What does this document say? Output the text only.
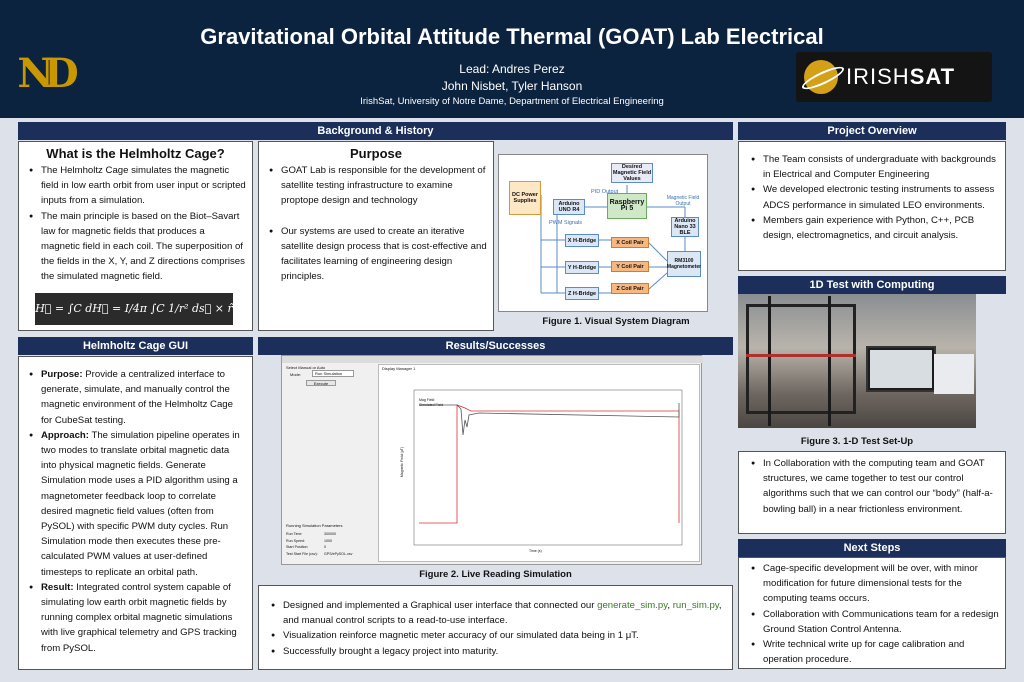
ND
Gravitational Orbital Attitude Thermal (GOAT) Lab Electrical
Lead: Andres Perez
John Nisbet, Tyler Hanson
IrishSat, University of Notre Dame, Department of Electrical Engineering
IRISHSAT
Background & History
What is the Helmholtz Cage?
● The Helmholtz Cage simulates the magnetic field in low earth orbit from user input or scripted inputs from a simulation.
● The main principle is based on the Biot–Savart law for magnetic fields that produces a magnetic field in each coil. The superposition of the fields in the X, Y, and Z directions comprises the simulated magnetic field.
H⃗ = ∫C dH⃗ = I/4π ∫C 1/r² ds⃗ × r̂
Purpose
● GOAT Lab is responsible for the development of satellite testing infrastructure to examine proptope design and technology
● Our systems are used to create an iterative satellite design process that is cost-effective and facilitates learning of engineering design principles.
DC Power Supplies
Desired Magnetic Field Values
Raspberry Pi 5
Arduino UNO R4
Arduino Nano 33 BLE
PID Output
PWM Signals
Magnetic Field Output
X H-Bridge
Y H-Bridge
Z H-Bridge
X Coil Pair
Y Coil Pair
Z Coil Pair
RM3100 Magnetometer
Figure 1. Visual System Diagram
Project Overview
● The Team consists of undergraduate with backgrounds in Electrical and Computer Engineering
● We developed electronic testing instruments to assess ADCS performance in simulated LEO environments.
● Members gain experience with Python, C++, PCB design, electromagnetics, and circuit analysis.
1D Test with Computing
Figure 3. 1-D Test Set-Up
● In Collaboration with the computing team and GOAT structures, we came together to test our control algorithms such that we can control our “body” (half-a-bowling ball) in a near frictionless environment.
Next Steps
● Cage-specific development will be over, with minor modification for future dimensional tests for the computing teams occurs.
● Collaboration with Communications team for a redesign Ground Station Control Antenna.
● Write technical write up for cage calibration and operation procedure.
Helmholtz Cage GUI
● Purpose: Provide a centralized interface to generate, simulate, and manually control the magnetic environment of the Helmholtz Cage for CubeSat testing.
● Approach: The simulation pipeline operates in two modes to translate orbital magnetic data into physical magnetic fields. Generate Simulation mode uses a PID algorithm using a magnetometer feedback loop to correlate desired magnetic field values (often from PySOL) with specific PWM duty cycles. Run Simulation mode then executes these pre-calculated PWM values at user-defined timesteps to replicate an orbital path.
● Result: Integrated control system capable of simulating low earth orbit magnetic fields by running complex orbital magnetic simulations with live graphical telemetry and GPS tracking from PySOL.
Results/Successes
Select Manual or Auto
Mode:	Run Simulation
Execute
Running Simulation Parameters
Run Time:	300000
Run Speed:	1000
Start Position:	0
Test Start File (csv): GPS/ePySOL.csv
Display Manager 1
Mag Field
Simulated Field
Time (s)
Magnetic Field (µT)
Figure 2. Live Reading Simulation
● Designed and implemented a Graphical user interface that connected our generate_sim.py, run_sim.py, and manual control scripts to a read-to-use interface.
● Visualization reinforce magnetic meter accuracy of our simulated data being in 1 μT.
● Successfully brought a legacy project into maturity.
